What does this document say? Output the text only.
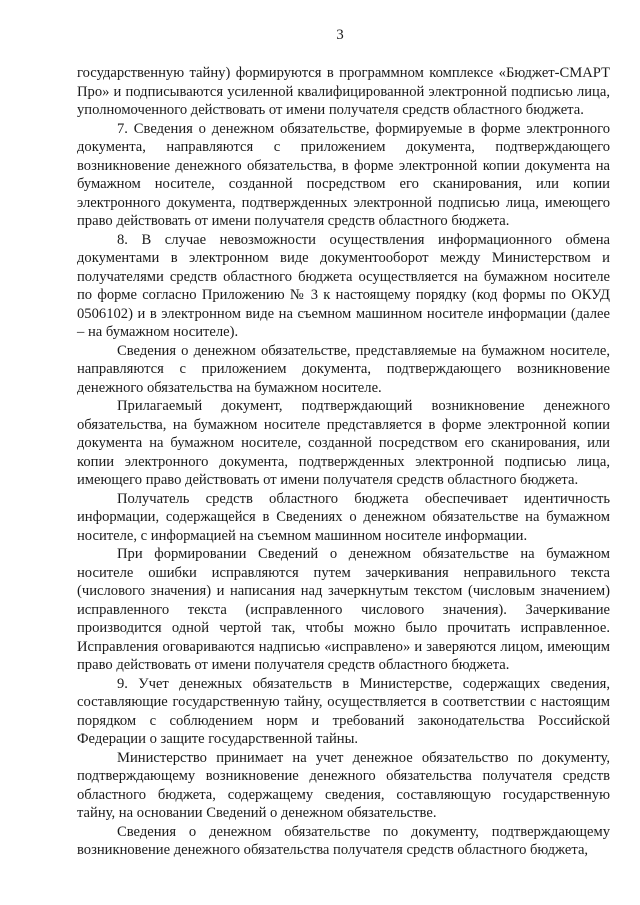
3

государственную тайну) формируются в программном комплексе «Бюджет-СМАРТ Про» и подписываются усиленной квалифицированной электронной подписью лица, уполномоченного действовать от имени получателя средств областного бюджета.

7. Сведения о денежном обязательстве, формируемые в форме электронного документа, направляются с приложением документа, подтверждающего возникновение денежного обязательства, в форме электронной копии документа на бумажном носителе, созданной посредством его сканирования, или копии электронного документа, подтвержденных электронной подписью лица, имеющего право действовать от имени получателя средств областного бюджета.

8. В случае невозможности осуществления информационного обмена документами в электронном виде документооборот между Министерством и получателями средств областного бюджета осуществляется на бумажном носителе по форме согласно Приложению № 3 к настоящему порядку (код формы по ОКУД 0506102) и в электронном виде на съемном машинном носителе информации (далее – на бумажном носителе).

Сведения о денежном обязательстве, представляемые на бумажном носителе, направляются с приложением документа, подтверждающего возникновение денежного обязательства на бумажном носителе.

Прилагаемый документ, подтверждающий возникновение денежного обязательства, на бумажном носителе представляется в форме электронной копии документа на бумажном носителе, созданной посредством его сканирования, или копии электронного документа, подтвержденных электронной подписью лица, имеющего право действовать от имени получателя средств областного бюджета.

Получатель средств областного бюджета обеспечивает идентичность информации, содержащейся в Сведениях о денежном обязательстве на бумажном носителе, с информацией на съемном машинном носителе информации.

При формировании Сведений о денежном обязательстве на бумажном носителе ошибки исправляются путем зачеркивания неправильного текста (числового значения) и написания над зачеркнутым текстом (числовым значением) исправленного текста (исправленного числового значения). Зачеркивание производится одной чертой так, чтобы можно было прочитать исправленное. Исправления оговариваются надписью «исправлено» и заверяются лицом, имеющим право действовать от имени получателя средств областного бюджета.

9. Учет денежных обязательств в Министерстве, содержащих сведения, составляющие государственную тайну, осуществляется в соответствии с настоящим порядком с соблюдением норм и требований законодательства Российской Федерации о защите государственной тайны.

Министерство принимает на учет денежное обязательство по документу, подтверждающему возникновение денежного обязательства получателя средств областного бюджета, содержащему сведения, составляющую государственную тайну, на основании Сведений о денежном обязательстве.

Сведения о денежном обязательстве по документу, подтверждающему возникновение денежного обязательства получателя средств областного бюджета,
